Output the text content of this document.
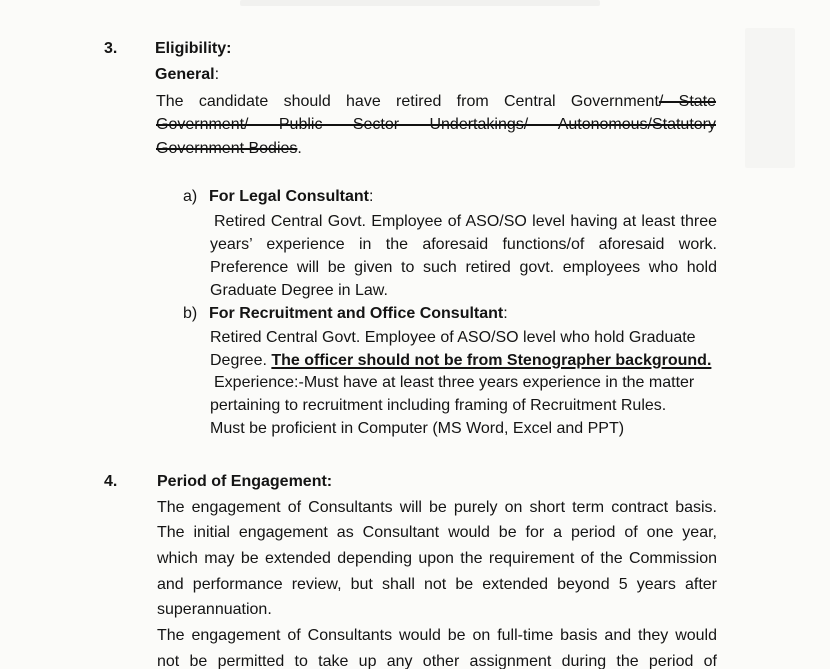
3. Eligibility:
General:
The candidate should have retired from Central Government/ State
Government/ Public Sector Undertakings/ Autonomous/Statutory
Government Bodies.
a) For Legal Consultant:
Retired Central Govt. Employee of ASO/SO level having at least three
years’ experience in the aforesaid functions/of aforesaid work.
Preference will be given to such retired govt. employees who hold
Graduate Degree in Law.
b) For Recruitment and Office Consultant:
Retired Central Govt. Employee of ASO/SO level who hold Graduate
Degree. The officer should not be from Stenographer background.
Experience:-Must have at least three years experience in the matter
pertaining to recruitment including framing of Recruitment Rules.
Must be proficient in Computer (MS Word, Excel and PPT)
4. Period of Engagement:
The engagement of Consultants will be purely on short term contract basis.
The initial engagement as Consultant would be for a period of one year,
which may be extended depending upon the requirement of the Commission
and performance review, but shall not be extended beyond 5 years after
superannuation.
The engagement of Consultants would be on full-time basis and they would
not be permitted to take up any other assignment during the period of
